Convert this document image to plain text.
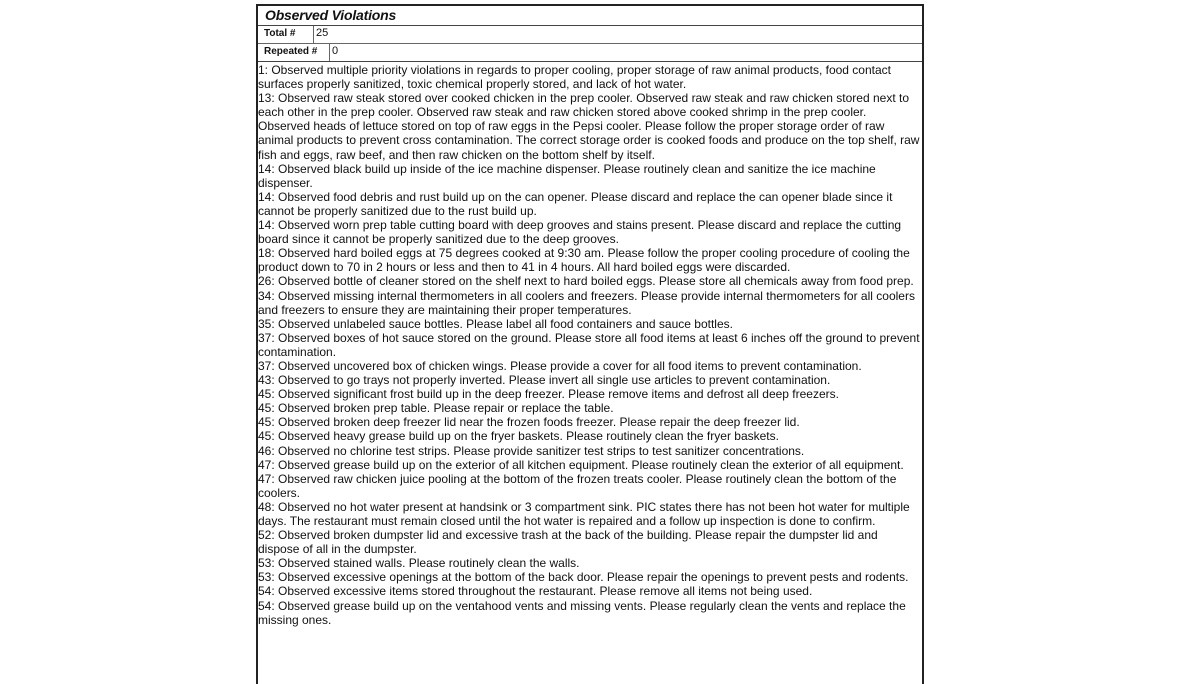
Observed Violations
Total #	25
Repeated #	0
1: Observed multiple priority violations in regards to proper cooling, proper storage of raw animal products, food contact surfaces properly sanitized, toxic chemical properly stored, and lack of hot water.
13: Observed raw steak stored over cooked chicken in the prep cooler. Observed raw steak and raw chicken stored next to each other in the prep cooler. Observed raw steak and raw chicken stored above cooked shrimp in the prep cooler. Observed heads of lettuce stored on top of raw eggs in the Pepsi cooler. Please follow the proper storage order of raw animal products to prevent cross contamination. The correct storage order is cooked foods and produce on the top shelf, raw fish and eggs, raw beef, and then raw chicken on the bottom shelf by itself.
14: Observed black build up inside of the ice machine dispenser. Please routinely clean and sanitize the ice machine dispenser.
14: Observed food debris and rust build up on the can opener. Please discard and replace the can opener blade since it cannot be properly sanitized due to the rust build up.
14: Observed worn prep table cutting board with deep grooves and stains present. Please discard and replace the cutting board since it cannot be properly sanitized due to the deep grooves.
18: Observed hard boiled eggs at 75 degrees cooked at 9:30 am. Please follow the proper cooling procedure of cooling the product down to 70 in 2 hours or less and then to 41 in 4 hours. All hard boiled eggs were discarded.
26: Observed bottle of cleaner stored on the shelf next to hard boiled eggs. Please store all chemicals away from food prep.
34: Observed missing internal thermometers in all coolers and freezers. Please provide internal thermometers for all coolers and freezers to ensure they are maintaining their proper temperatures.
35: Observed unlabeled sauce bottles. Please label all food containers and sauce bottles.
37: Observed boxes of hot sauce stored on the ground. Please store all food items at least 6 inches off the ground to prevent contamination.
37: Observed uncovered box of chicken wings. Please provide a cover for all food items to prevent contamination.
43: Observed to go trays not properly inverted. Please invert all single use articles to prevent contamination.
45: Observed significant frost build up in the deep freezer. Please remove items and defrost all deep freezers.
45: Observed broken prep table. Please repair or replace the table.
45: Observed broken deep freezer lid near the frozen foods freezer. Please repair the deep freezer lid.
45: Observed heavy grease build up on the fryer baskets. Please routinely clean the fryer baskets.
46: Observed no chlorine test strips. Please provide sanitizer test strips to test sanitizer concentrations.
47: Observed grease build up on the exterior of all kitchen equipment. Please routinely clean the exterior of all equipment.
47: Observed raw chicken juice pooling at the bottom of the frozen treats cooler. Please routinely clean the bottom of the coolers.
48: Observed no hot water present at handsink or 3 compartment sink. PIC states there has not been hot water for multiple days. The restaurant must remain closed until the hot water is repaired and a follow up inspection is done to confirm.
52: Observed broken dumpster lid and excessive trash at the back of the building. Please repair the dumpster lid and dispose of all in the dumpster.
53: Observed stained walls. Please routinely clean the walls.
53: Observed excessive openings at the bottom of the back door. Please repair the openings to prevent pests and rodents.
54: Observed excessive items stored throughout the restaurant. Please remove all items not being used.
54: Observed grease build up on the ventahood vents and missing vents. Please regularly clean the vents and replace the missing ones.
